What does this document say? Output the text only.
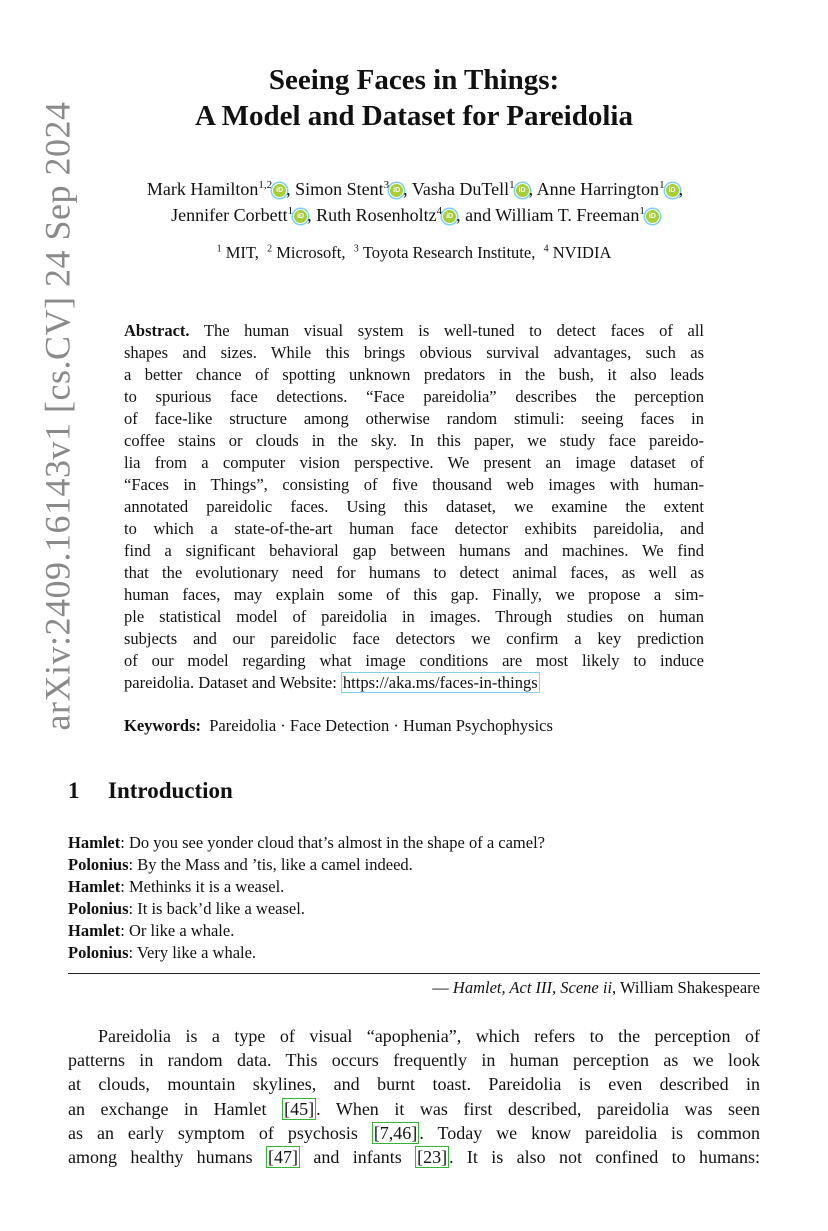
arXiv:2409.16143v1 [cs.CV] 24 Sep 2024
Seeing Faces in Things:
A Model and Dataset for Pareidolia
Mark Hamilton$^{1,2}$ iD , Simon Stent$^3$ iD , Vasha DuTell$^1$ iD , Anne Harrington$^1$ iD ,
Jennifer Corbett$^1$ iD , Ruth Rosenholtz$^4$ iD , and William T. Freeman$^1$ iD
$^1$ MIT, $^2$ Microsoft, $^3$ Toyota Research Institute, $^4$ NVIDIA
Abstract. The human visual system is well-tuned to detect faces of all
shapes and sizes. While this brings obvious survival advantages, such as
a better chance of spotting unknown predators in the bush, it also leads
to spurious face detections. “Face pareidolia” describes the perception
of face-like structure among otherwise random stimuli: seeing faces in
coffee stains or clouds in the sky. In this paper, we study face pareido-
lia from a computer vision perspective. We present an image dataset of
“Faces in Things”, consisting of five thousand web images with human-
annotated pareidolic faces. Using this dataset, we examine the extent
to which a state-of-the-art human face detector exhibits pareidolia, and
find a significant behavioral gap between humans and machines. We find
that the evolutionary need for humans to detect animal faces, as well as
human faces, may explain some of this gap. Finally, we propose a sim-
ple statistical model of pareidolia in images. Through studies on human
subjects and our pareidolic face detectors we confirm a key prediction
of our model regarding what image conditions are most likely to induce
pareidolia. Dataset and Website: https://aka.ms/faces-in-things
Keywords: Pareidolia · Face Detection · Human Psychophysics
1 Introduction
Hamlet: Do you see yonder cloud that’s almost in the shape of a camel?
Polonius: By the Mass and ’tis, like a camel indeed.
Hamlet: Methinks it is a weasel.
Polonius: It is back’d like a weasel.
Hamlet: Or like a whale.
Polonius: Very like a whale.
— Hamlet, Act III, Scene ii, William Shakespeare
Pareidolia is a type of visual “apophenia”, which refers to the perception of
patterns in random data. This occurs frequently in human perception as we look
at clouds, mountain skylines, and burnt toast. Pareidolia is even described in
an exchange in Hamlet [45] . When it was first described, pareidolia was seen
as an early symptom of psychosis [7,46] . Today we know pareidolia is common
among healthy humans [47] and infants [23] . It is also not confined to humans:
